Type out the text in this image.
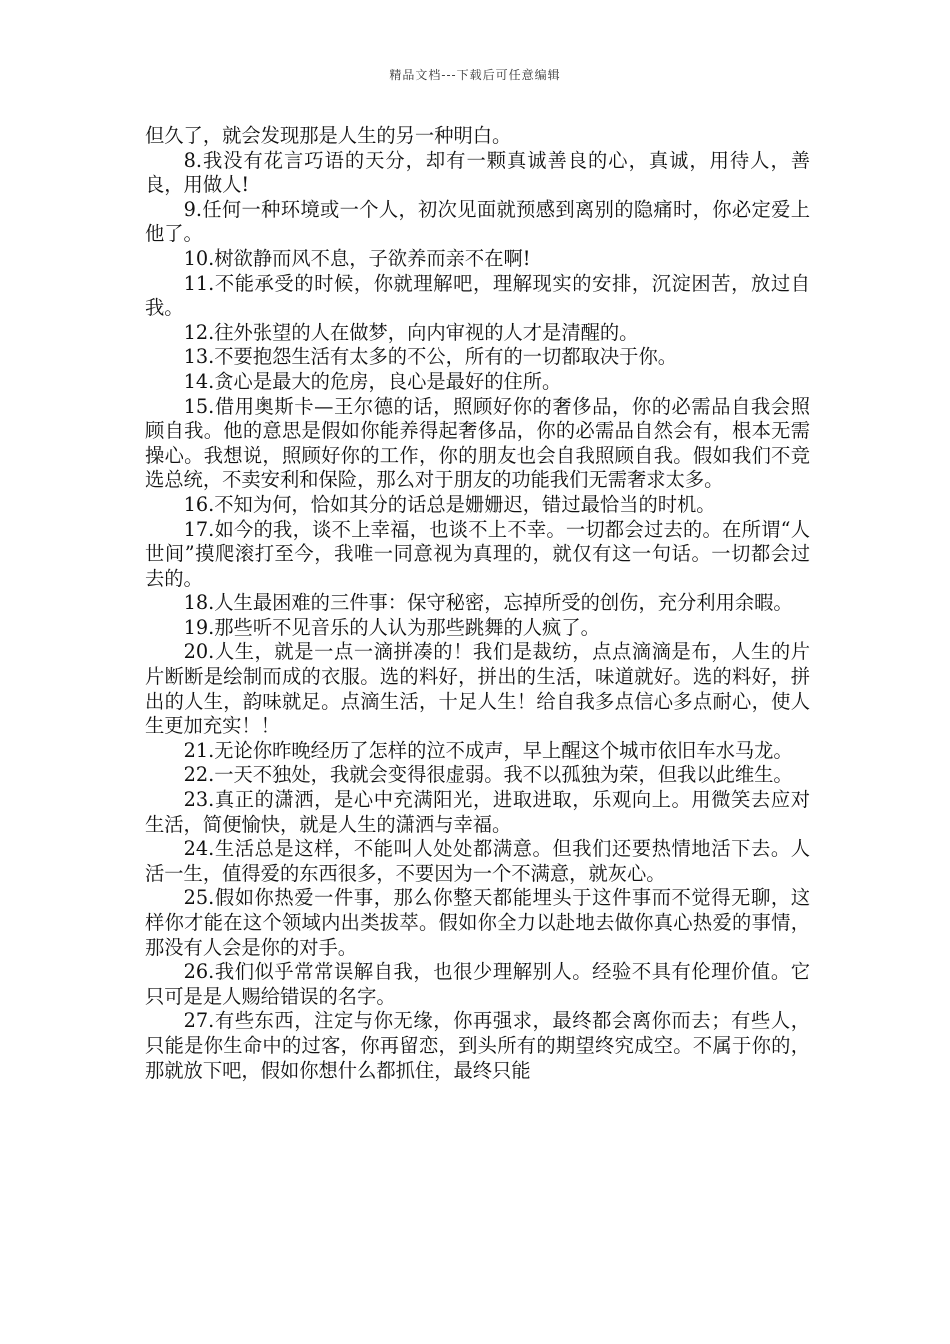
精品文档---下载后可任意编辑

但久了，就会发现那是人生的另一种明白。

8.我没有花言巧语的天分，却有一颗真诚善良的心，真诚，用待人，善良，用做人!

9.任何一种环境或一个人，初次见面就预感到离别的隐痛时，你必定爱上他了。

10.树欲静而风不息，子欲养而亲不在啊!

11.不能承受的时候，你就理解吧，理解现实的安排，沉淀困苦，放过自我。

12.往外张望的人在做梦，向内审视的人才是清醒的。

13.不要抱怨生活有太多的不公，所有的一切都取决于你。

14.贪心是最大的危房，良心是最好的住所。

15.借用奥斯卡—王尔德的话，照顾好你的奢侈品，你的必需品自我会照顾自我。他的意思是假如你能养得起奢侈品，你的必需品自然会有，根本无需操心。我想说，照顾好你的工作，你的朋友也会自我照顾自我。假如我们不竞选总统，不卖安利和保险，那么对于朋友的功能我们无需奢求太多。

16.不知为何，恰如其分的话总是姗姗迟，错过最恰当的时机。

17.如今的我，谈不上幸福，也谈不上不幸。一切都会过去的。在所谓“人世间”摸爬滚打至今，我唯一同意视为真理的，就仅有这一句话。一切都会过去的。

18.人生最困难的三件事：保守秘密，忘掉所受的创伤，充分利用余暇。

19.那些听不见音乐的人认为那些跳舞的人疯了。

20.人生，就是一点一滴拼凑的！我们是裁纺，点点滴滴是布，人生的片片断断是绘制而成的衣服。选的料好，拼出的生活，味道就好。选的料好，拼出的人生，韵味就足。点滴生活，十足人生！给自我多点信心多点耐心，使人生更加充实！！

21.无论你昨晚经历了怎样的泣不成声，早上醒这个城市依旧车水马龙。

22.一天不独处，我就会变得很虚弱。我不以孤独为荣，但我以此维生。

23.真正的潇洒，是心中充满阳光，进取进取，乐观向上。用微笑去应对生活，简便愉快，就是人生的潇洒与幸福。

24.生活总是这样，不能叫人处处都满意。但我们还要热情地活下去。人活一生，值得爱的东西很多，不要因为一个不满意，就灰心。

25.假如你热爱一件事，那么你整天都能埋头于这件事而不觉得无聊，这样你才能在这个领域内出类拔萃。假如你全力以赴地去做你真心热爱的事情，那没有人会是你的对手。

26.我们似乎常常误解自我，也很少理解别人。经验不具有伦理价值。它只可是是人赐给错误的名字。

27.有些东西，注定与你无缘，你再强求，最终都会离你而去；有些人，只能是你生命中的过客，你再留恋，到头所有的期望终究成空。不属于你的，那就放下吧，假如你想什么都抓住，最终只能
